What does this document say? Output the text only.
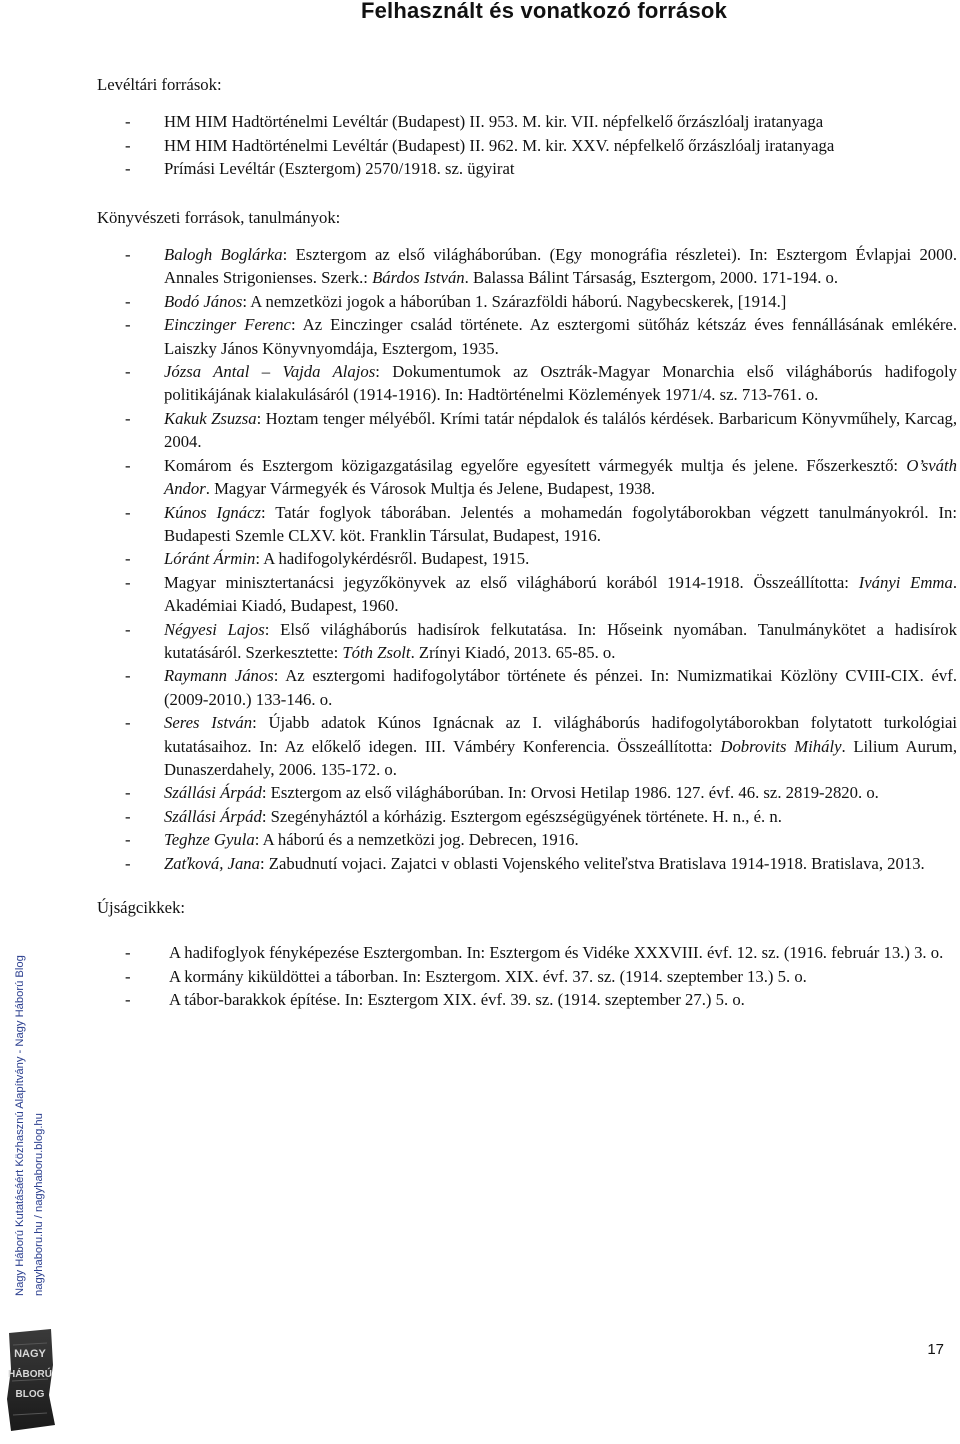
Felhasznált és vonatkozó források

Levéltári források:

- HM HIM Hadtörténelmi Levéltár (Budapest) II. 953. M. kir. VII. népfelkelő őrzászlóalj iratanyaga
- HM HIM Hadtörténelmi Levéltár (Budapest) II. 962. M. kir. XXV. népfelkelő őrzászlóalj iratanyaga
- Prímási Levéltár (Esztergom) 2570/1918. sz. ügyirat

Könyvészeti források, tanulmányok:

- Balogh Boglárka: Esztergom az első világháborúban. (Egy monográfia részletei). In: Esztergom Évlapjai 2000. Annales Strigonienses. Szerk.: Bárdos István. Balassa Bálint Társaság, Esztergom, 2000. 171-194. o.
- Bodó János: A nemzetközi jogok a háborúban 1. Szárazföldi háború. Nagybecskerek, [1914.]
- Einczinger Ferenc: Az Einczinger család története. Az esztergomi sütőház kétszáz éves fennállásának emlékére. Laiszky János Könyvnyomdája, Esztergom, 1935.
- Józsa Antal – Vajda Alajos: Dokumentumok az Osztrák-Magyar Monarchia első világháborús hadifogoly politikájának kialakulásáról (1914-1916). In: Hadtörténelmi Közlemények 1971/4. sz. 713-761. o.
- Kakuk Zsuzsa: Hoztam tenger mélyéből. Krími tatár népdalok és találós kérdések. Barbaricum Könyvműhely, Karcag, 2004.
- Komárom és Esztergom közigazgatásilag egyelőre egyesített vármegyék multja és jelene. Főszerkesztő: O’sváth Andor. Magyar Vármegyék és Városok Multja és Jelene, Budapest, 1938.
- Kúnos Ignácz: Tatár foglyok táborában. Jelentés a mohamedán fogolytáborokban végzett tanulmányokról. In: Budapesti Szemle CLXV. köt. Franklin Társulat, Budapest, 1916.
- Lóránt Ármin: A hadifogolykérdésről. Budapest, 1915.
- Magyar minisztertanácsi jegyzőkönyvek az első világháború korából 1914-1918. Összeállította: Iványi Emma. Akadémiai Kiadó, Budapest, 1960.
- Négyesi Lajos: Első világháborús hadisírok felkutatása. In: Hőseink nyomában. Tanulmánykötet a hadisírok kutatásáról. Szerkesztette: Tóth Zsolt. Zrínyi Kiadó, 2013. 65-85. o.
- Raymann János: Az esztergomi hadifogolytábor története és pénzei. In: Numizmatikai Közlöny CVIII-CIX. évf. (2009-2010.) 133-146. o.
- Seres István: Újabb adatok Kúnos Ignácnak az I. világháborús hadifogolytáborokban folytatott turkológiai kutatásaihoz. In: Az előkelő idegen. III. Vámbéry Konferencia. Összeállította: Dobrovits Mihály. Lilium Aurum, Dunaszerdahely, 2006. 135-172. o.
- Szállási Árpád: Esztergom az első világháborúban. In: Orvosi Hetilap 1986. 127. évf. 46. sz. 2819-2820. o.
- Szállási Árpád: Szegényháztól a kórházig. Esztergom egészségügyének története. H. n., é. n.
- Teghze Gyula: A háború és a nemzetközi jog. Debrecen, 1916.
- Zaťková, Jana: Zabudnutí vojaci. Zajatci v oblasti Vojenského veliteľstva Bratislava 1914-1918. Bratislava, 2013.

Újságcikkek:

- A hadifoglyok fényképezése Esztergomban. In: Esztergom és Vidéke XXXVIII. évf. 12. sz. (1916. február 13.) 3. o.
- A kormány kiküldöttei a táborban. In: Esztergom. XIX. évf. 37. sz. (1914. szeptember 13.) 5. o.
- A tábor-barakkok építése. In: Esztergom XIX. évf. 39. sz. (1914. szeptember 27.) 5. o.
Nagy Háború Kutatásáért Közhasznú Alapítvány - Nagy Háború Blog nagyhaboru.hu / nagyhaboru.blog.hu
NAGY
HÁBORÚ
BLOG
17
